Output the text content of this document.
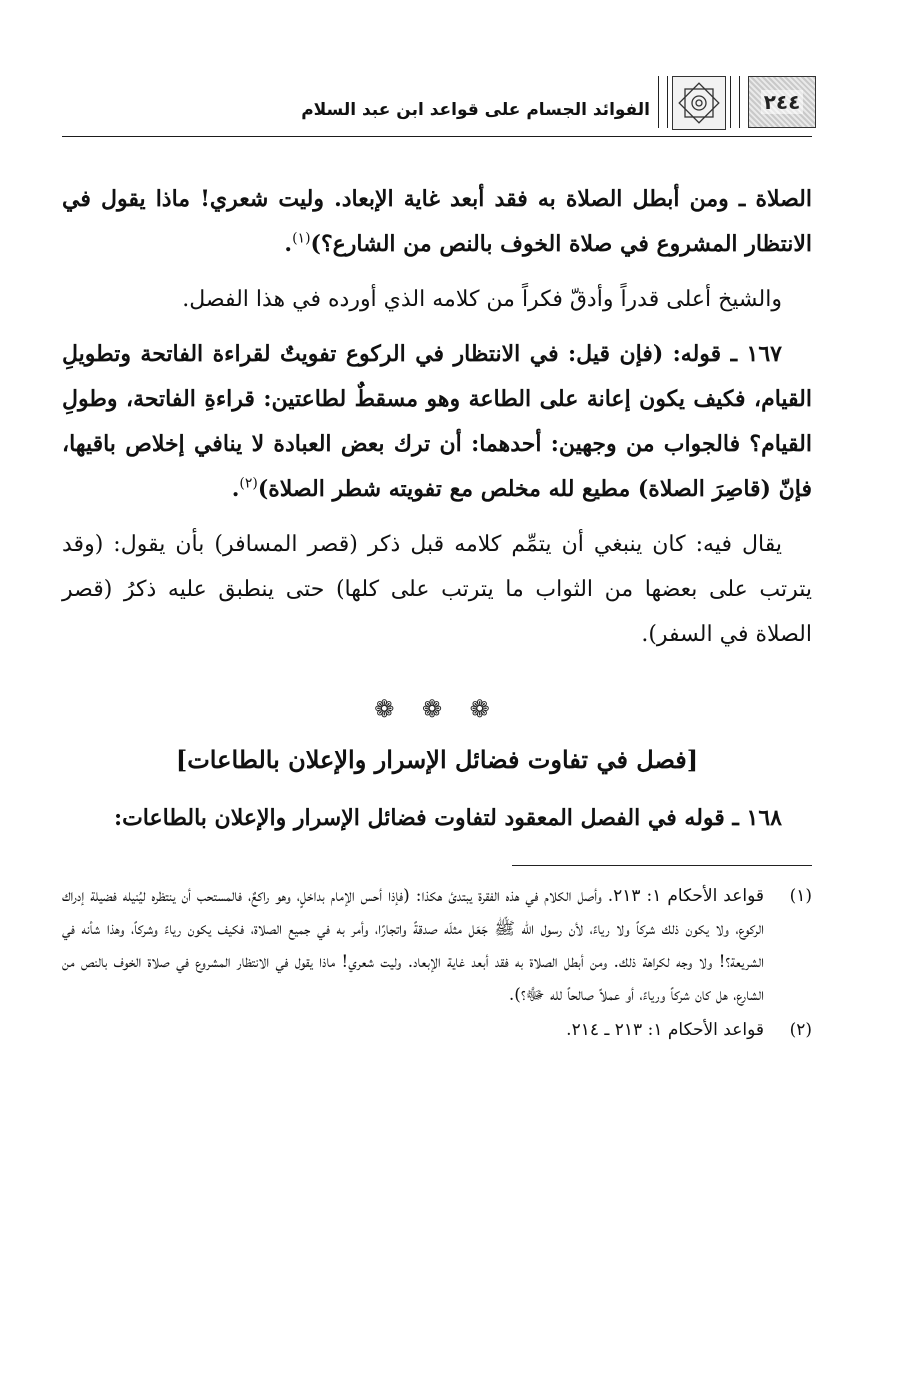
٢٤٤
الفوائد الجسام على قواعد ابن عبد السلام

الصلاة ـ ومن أبطل الصلاة به فقد أبعد غاية الإبعاد. وليت شعري! ماذا يقول في الانتظار المشروع في صلاة الخوف بالنص من الشارع؟)$^{(١)}$.

والشيخ أعلى قدراً وأدقّ فكراً من كلامه الذي أورده في هذا الفصل.

١٦٧ ـ قوله: (فإن قيل: في الانتظار في الركوع تفويتٌ لقراءة الفاتحة وتطويلِ القيام، فكيف يكون إعانة على الطاعة وهو مسقطٌ لطاعتين: قراءةِ الفاتحة، وطولِ القيام؟ فالجواب من وجهين: أحدهما: أن ترك بعض العبادة لا ينافي إخلاص باقيها، فإنّ (قاصِرَ الصلاة) مطيع لله مخلص مع تفويته شطر الصلاة)$^{(٢)}$.

يقال فيه: كان ينبغي أن يتمِّم كلامه قبل ذكر (قصر المسافر) بأن يقول: (وقد يترتب على بعضها من الثواب ما يترتب على كلها) حتى ينطبق عليه ذكرُ (قصر الصلاة في السفر).

❁ ❁ ❁
[فصل في تفاوت فضائل الإسرار والإعلان بالطاعات]

١٦٨ ـ قوله في الفصل المعقود لتفاوت فضائل الإسرار والإعلان بالطاعات:

(١)
قواعد الأحكام ١: ٢١٣. وأصل الكلام في هذه الفقرة يبتدئ هكذا: (فإذا أحس الإمام بداخلٍ، وهو راكعٌ، فالمستحب أن ينتظره ليُنيله فضيلة إدراك الركوع، ولا يكون ذلك شركاً ولا رياءً، لأن رسول الله ﷺ جَعَل مثلَه صدقةً واتجارًا، وأمر به في جميع الصلاة، فكيف يكون رياءً وشركاً، وهذا شأنه في الشريعة؟! ولا وجه لكراهة ذلك. ومن أبطل الصلاة به فقد أبعد غاية الإبعاد. وليت شعري! ماذا يقول في الانتظار المشروع في صلاة الخوف بالنص من الشارع، هل كان شركاً ورياءً، أو عملاً صالحاً لله ﷻ؟).
(٢)
قواعد الأحكام ١: ٢١٣ ـ ٢١٤.
